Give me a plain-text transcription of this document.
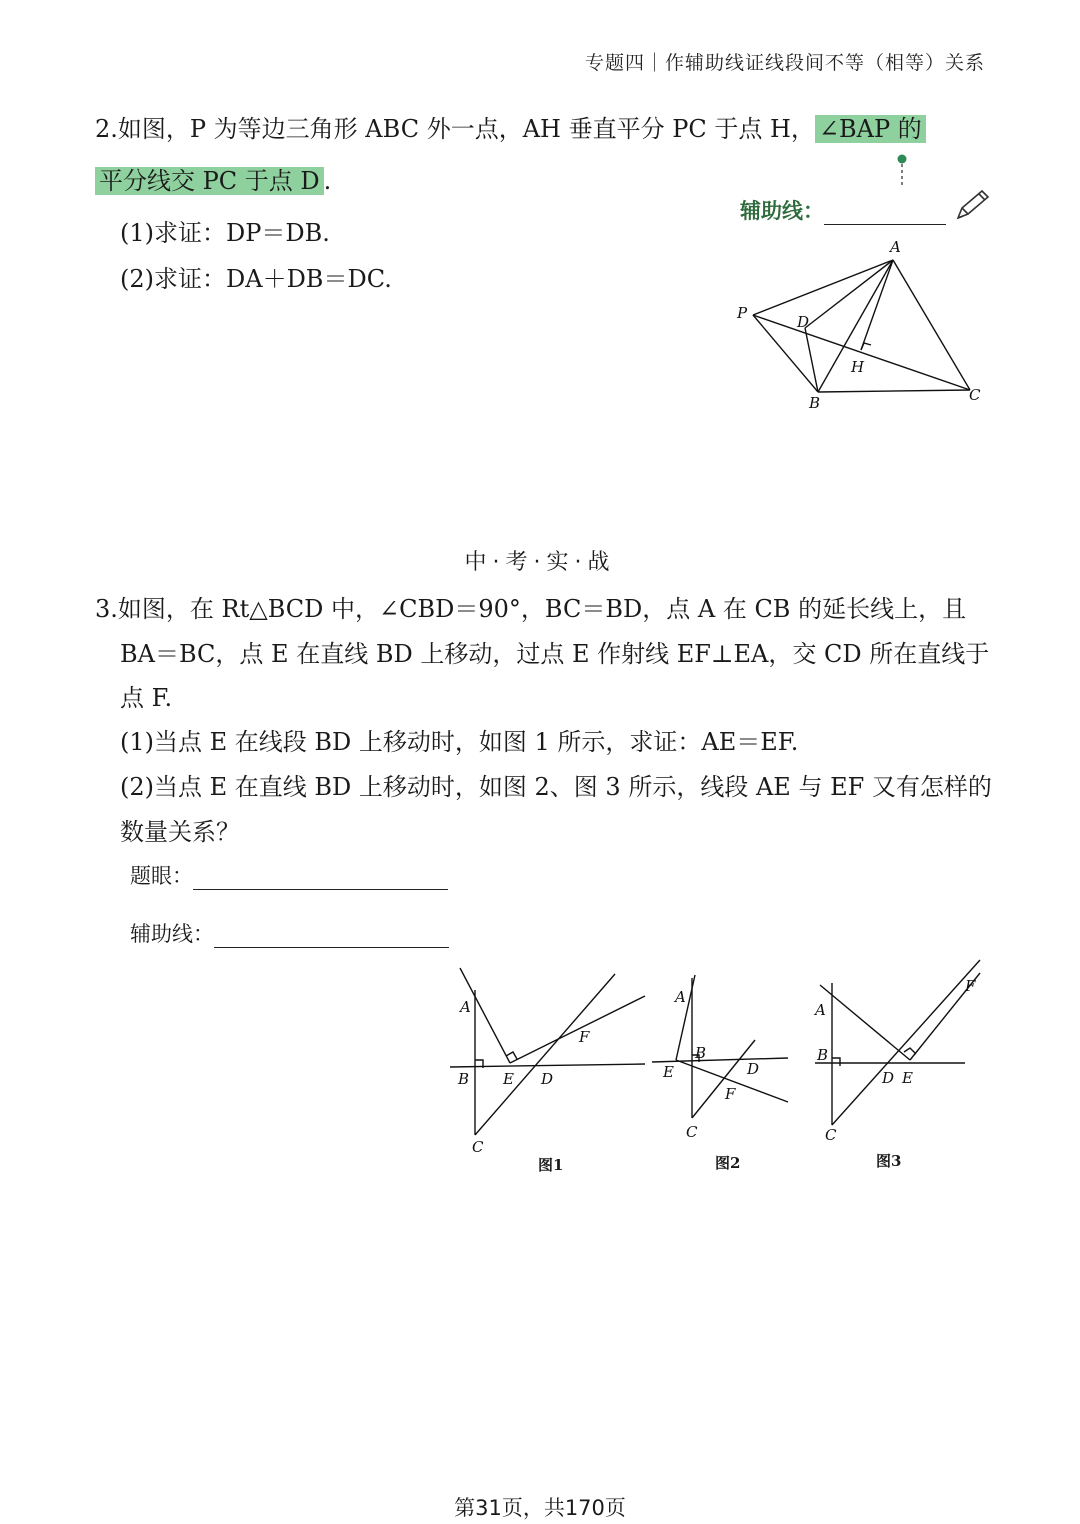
专题四｜作辅助线证线段间不等（相等）关系
2.如图，P 为等边三角形 ABC 外一点，AH 垂直平分 PC 于点 H， ∠BAP 的
平分线交 PC 于点 D .
(1)求证：DP＝DB.
(2)求证：DA＋DB＝DC.
辅助线：
A
P	D
H
B	C
中·考·实·战
3.如图，在 Rt△BCD 中，∠CBD＝90°，BC＝BD，点 A 在 CB 的延长线上，且
BA＝BC，点 E 在直线 BD 上移动，过点 E 作射线 EF⊥EA，交 CD 所在直线于
点 F.
(1)当点 E 在线段 BD 上移动时，如图 1 所示，求证：AE＝EF.
(2)当点 E 在直线 BD 上移动时，如图 2、图 3 所示，线段 AE 与 EF 又有怎样的
数量关系？
题眼：
辅助线：
A
B E D
F
C
图1
A
B
E	D
F
C
图2
A
B
D E
F
C
图3
第31页，共170页
